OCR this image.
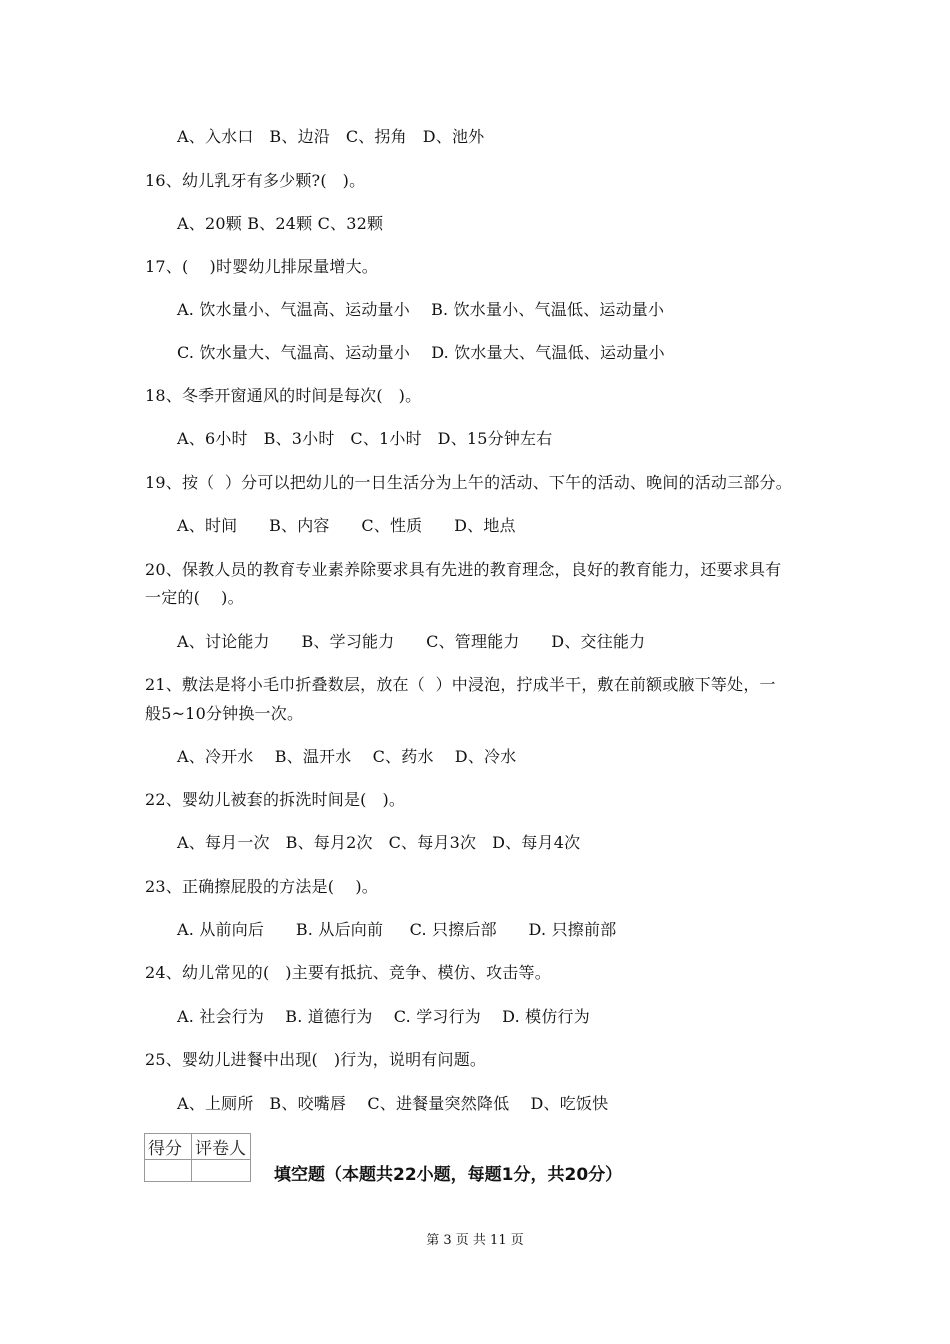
A、入水口   B、边沿   C、拐角   D、池外
16、幼儿乳牙有多少颗?(   )。
A、20颗 B、24颗 C、32颗
17、(    )时婴幼儿排尿量增大。
A. 饮水量小、气温高、运动量小    B. 饮水量小、气温低、运动量小
C. 饮水量大、气温高、运动量小    D. 饮水量大、气温低、运动量小
18、冬季开窗通风的时间是每次(   )。
A、6小时   B、3小时   C、1小时   D、15分钟左右
19、按（  ）分可以把幼儿的一日生活分为上午的活动、下午的活动、晚间的活动三部分。
A、时间      B、内容      C、性质      D、地点
20、保教人员的教育专业素养除要求具有先进的教育理念，良好的教育能力，还要求具有
一定的(    )。
A、讨论能力      B、学习能力      C、管理能力      D、交往能力
21、敷法是将小毛巾折叠数层，放在（  ）中浸泡，拧成半干，敷在前额或腋下等处，一
般5~10分钟换一次。
A、冷开水    B、温开水    C、药水    D、冷水
22、婴幼儿被套的拆洗时间是(   )。
A、每月一次   B、每月2次   C、每月3次   D、每月4次
23、正确擦屁股的方法是(    )。
A. 从前向后      B. 从后向前     C. 只擦后部      D. 只擦前部
24、幼儿常见的(   )主要有抵抗、竞争、模仿、攻击等。
A. 社会行为    B. 道德行为    C. 学习行为    D. 模仿行为
25、婴幼儿进餐中出现(   )行为，说明有问题。
A、上厕所   B、咬嘴唇    C、进餐量突然降低    D、吃饭快
得分	评卷人

填空题（本题共22小题，每题1分，共20分）
第 3 页 共 11 页
